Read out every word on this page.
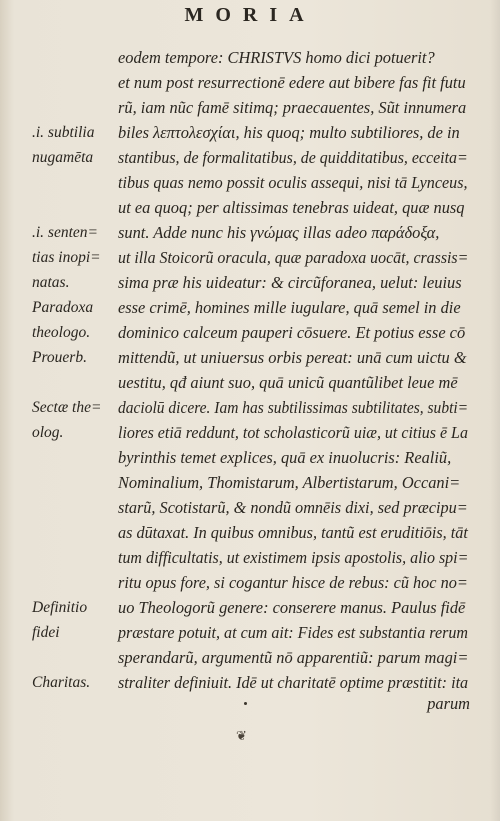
MORIA
eodem tempore: CHRISTVS homo dici potuerit?
et num post resurrectionē edere aut bibere fas fit futu
rũ, iam nũc famē sitimq; praecauentes, Sũt innumera
biles λεπτολεσχίαι, his quoq; multo subtiliores, de in
stantibus, de formalitatibus, de quidditatibus, ecceita=
tibus quas nemo possit oculis assequi, nisi tā Lynceus,
ut ea quoq; per altissimas tenebras uideat, quæ nusq
sunt. Adde nunc his γνώμας illas adeo παράδοξα,
ut illa Stoicorũ oracula, quæ paradoxa uocāt, crassis=
sima præ his uideatur: & circũforanea, uelut: leuius
esse crimē, homines mille iugulare, quā semel in die
dominico calceum pauperi cōsuere. Et potius esse cō
mittendũ, ut uniuersus orbis pereat: unā cum uictu &
uestitu, qđ aiunt suo, quā unicũ quantũlibet leue mē
daciolū dicere. Iam has subtilissimas subtilitates, subti=
liores etiā reddunt, tot scholasticorũ uiæ, ut citius ē La
byrinthis temet explices, quā ex inuolucris: Realiũ,
Nominalium, Thomistarum, Albertistarum, Occani=
starũ, Scotistarũ, & nondũ omnēis dixi, sed præcipu=
as dūtaxat. In quibus omnibus, tantũ est eruditiōis, tāt
tum difficultatis, ut existimem ipsis apostolis, alio spi=
ritu opus fore, si cogantur hisce de rebus: cũ hoc no=
uo Theologorũ genere: conserere manus. Paulus fidē
præstare potuit, at cum ait: Fides est substantia rerum
sperandarũ, argumentũ nō apparentiũ: parum magi=
straliter definiuit. Idē ut charitatē optime præstitit: ita
.i. subtilia
nugamēta
.i. senten=
tias inopi=
natas.
Paradoxa
theologo.
Prouerb.
Sectæ the=
olog.
Definitio
fidei
Charitas.
parum
❦
